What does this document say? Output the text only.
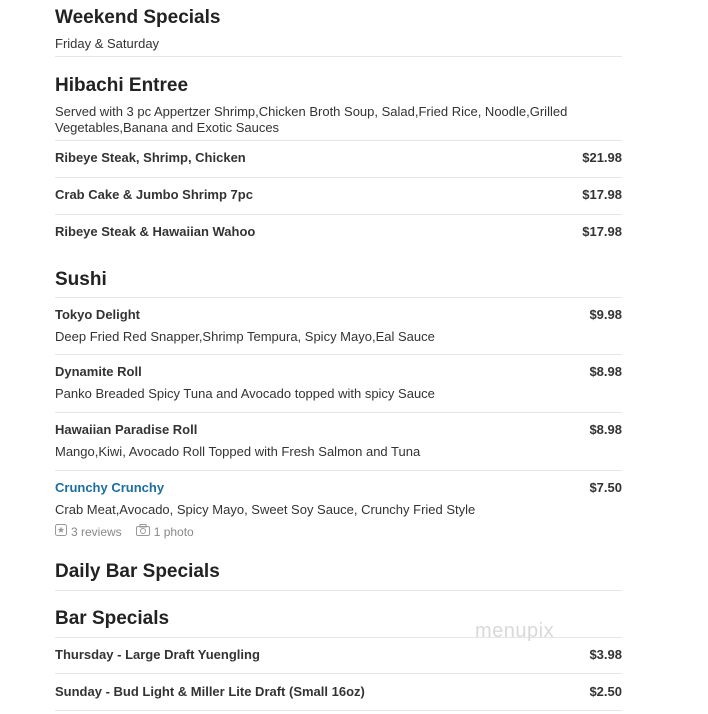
Weekend Specials
Friday & Saturday
Hibachi Entree
Served with 3 pc Appertzer Shrimp,Chicken Broth Soup, Salad,Fried Rice, Noodle,Grilled Vegetables,Banana and Exotic Sauces
Ribeye Steak, Shrimp, Chicken	$21.98
Crab Cake & Jumbo Shrimp 7pc	$17.98
Ribeye Steak & Hawaiian Wahoo	$17.98
Sushi
Tokyo Delight	$9.98
Deep Fried Red Snapper,Shrimp Tempura, Spicy Mayo,Eal Sauce
Dynamite Roll	$8.98
Panko Breaded Spicy Tuna and Avocado topped with spicy Sauce
Hawaiian Paradise Roll	$8.98
Mango,Kiwi, Avocado Roll Topped with Fresh Salmon and Tuna
Crunchy Crunchy	$7.50
Crab Meat,Avocado, Spicy Mayo, Sweet Soy Sauce, Crunchy Fried Style
3 reviews	1 photo
Daily Bar Specials
Bar Specials
Thursday - Large Draft Yuengling	$3.98
Sunday - Bud Light & Miller Lite Draft (Small 16oz)	$2.50
menupix
